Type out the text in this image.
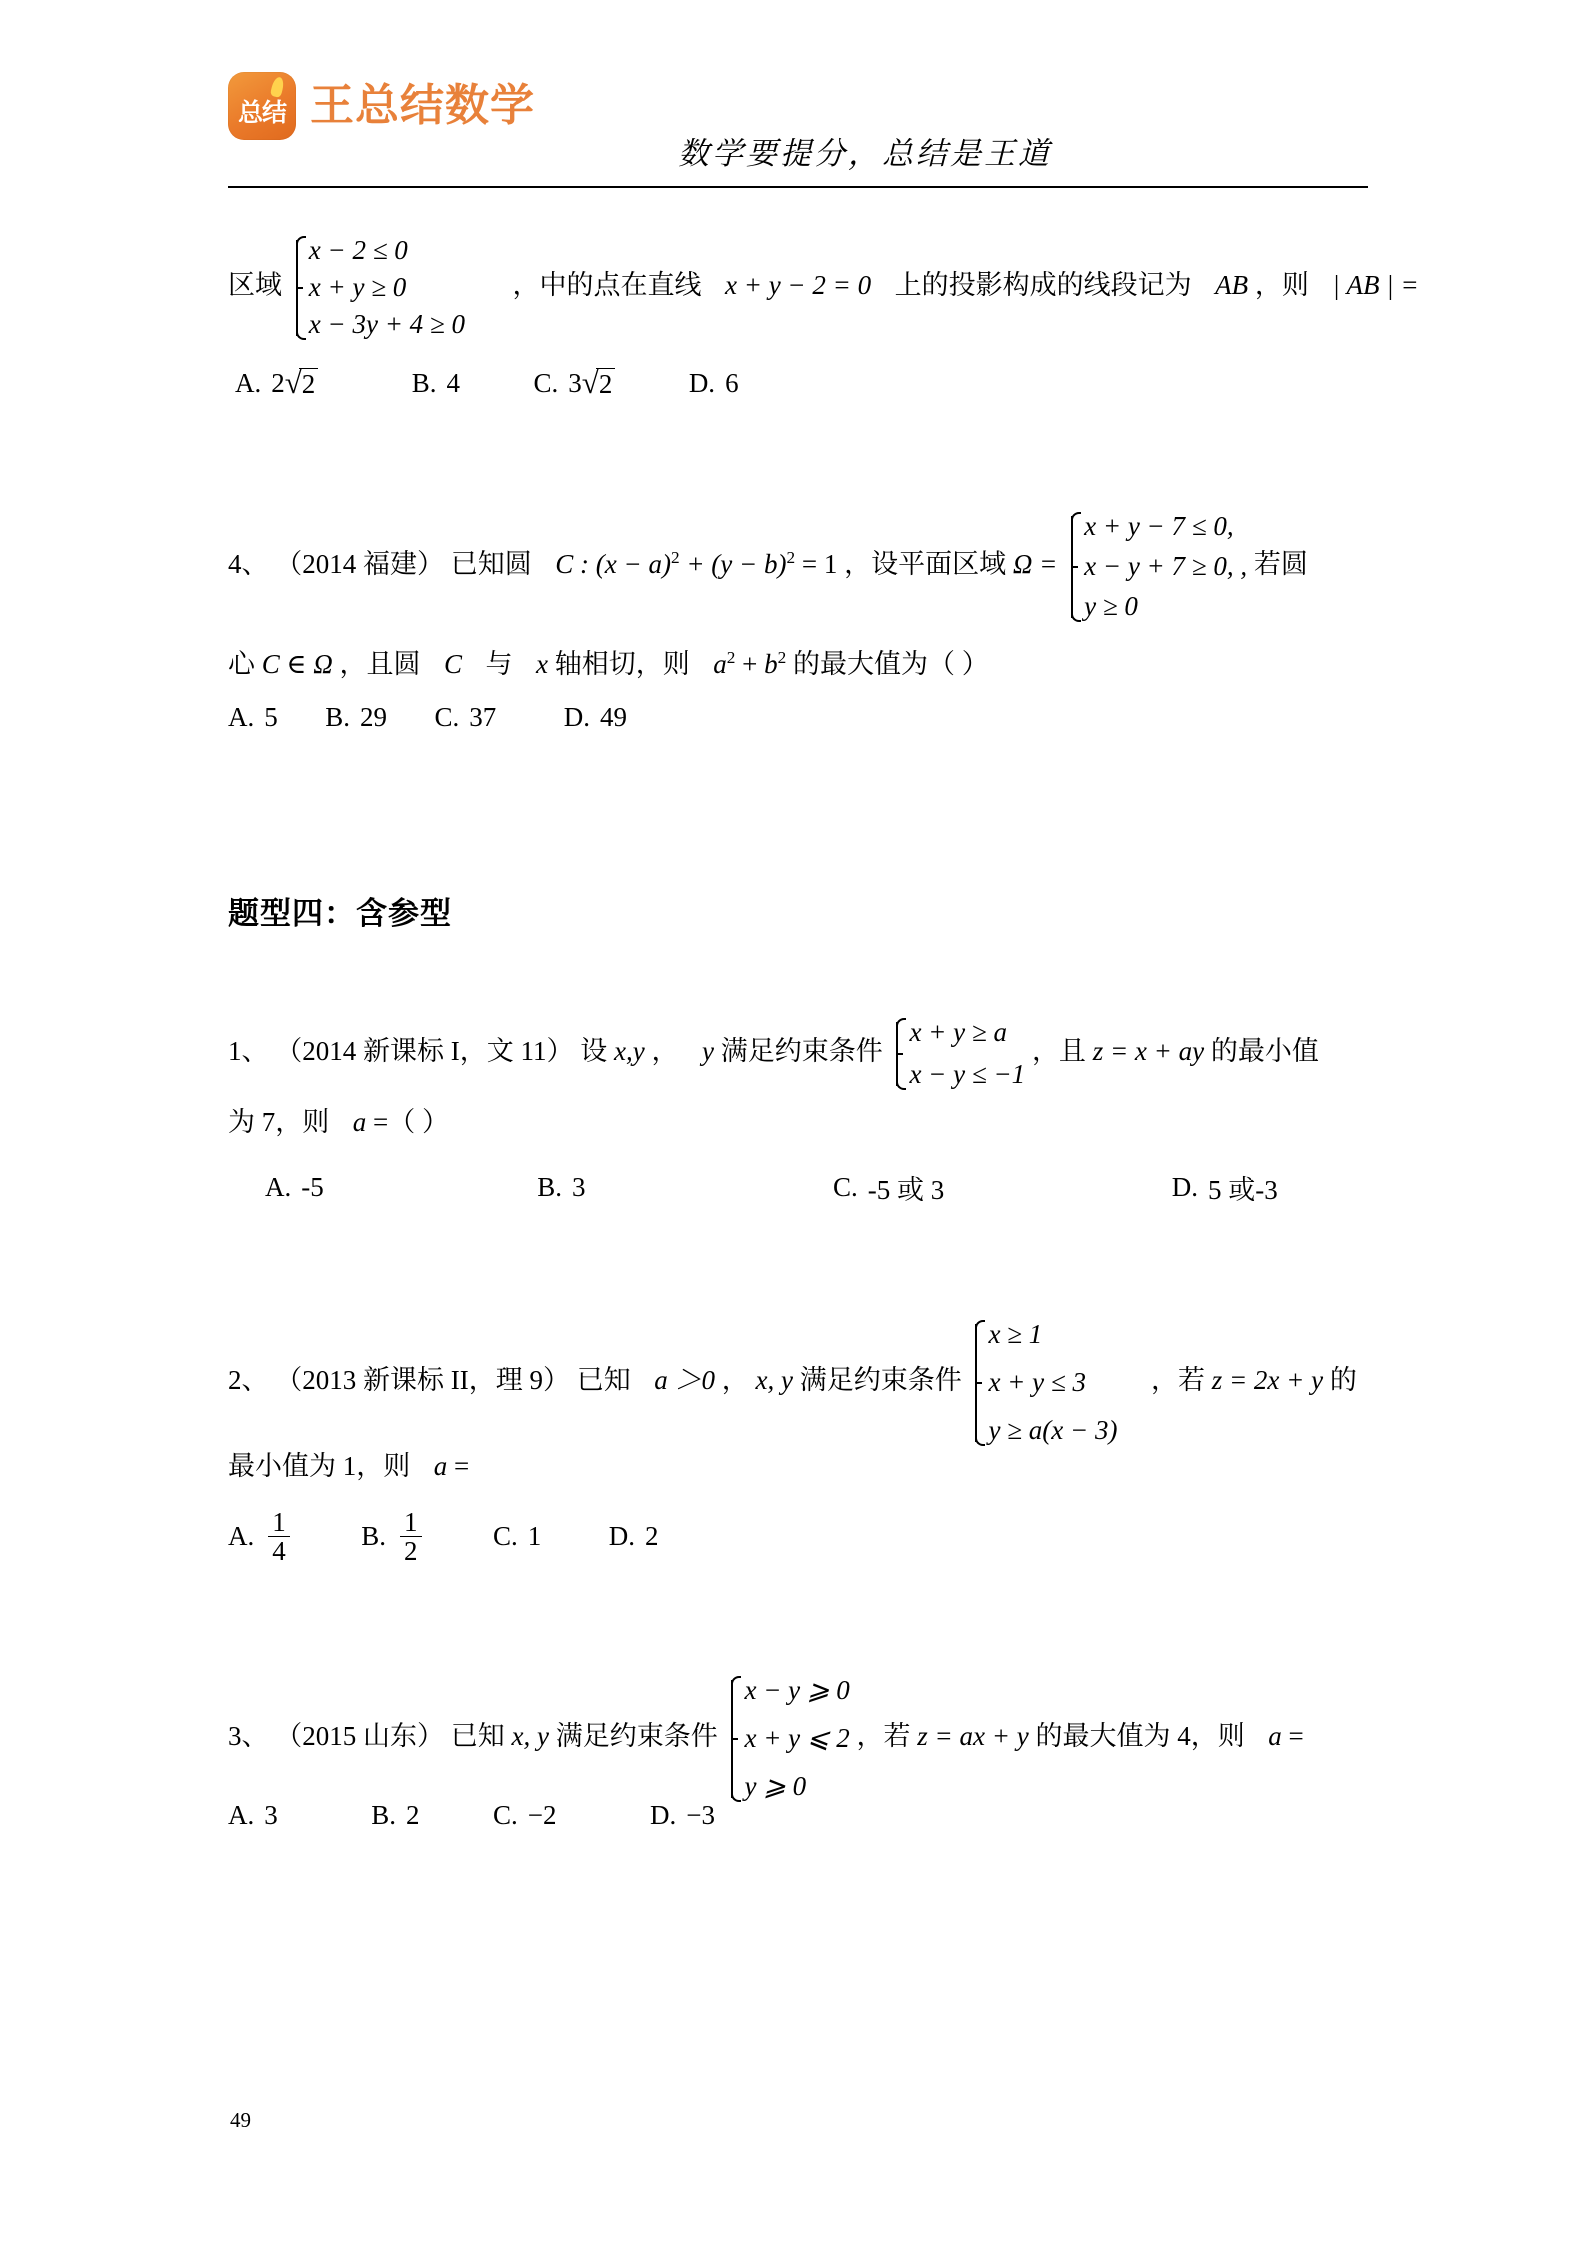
总结 王总结数学
数学要提分，总结是王道
区域
x − 2 ≤ 0
x + y ≥ 0
x − 3y + 4 ≥ 0
，中的点在直线 x + y − 2 = 0 上的投影构成的线段记为 AB ，则 | AB | =
A. 2 √ 2
	B. 4
	C. 3 √ 2
	D. 6
4、 （2014 福建） 已知圆 C : $(x - a)^2 + (y - b)^2 = 1$ ，设平面区域 Ω =
x + y − 7 ≤ 0,
x − y + 7 ≥ 0, ,
y ≥ 0
若圆
心 C ∈ Ω ，且圆 C 与 x 轴相切，则 $a^2 + b^2$ 的最大值为（ ）
A. 5
B. 29
C. 37
	D. 49
题型四：含参型
1、 （2014 新课标 I，文 11） 设 x,y ， y 满足约束条件
x + y ≥ a
x − y ≤ −1
，且 z = x + ay 的最小值
为 7，则 a =（ ）
A. -5
	B. 3
	C. -5 或 3
	D. 5 或-3
2、 （2013 新课标 II，理 9） 已知 a ＞0 ， x, y 满足约束条件
x ≥ 1
x + y ≤ 3
y ≥ a(x − 3)
，若 z = 2x + y 的
最小值为 1，则 a =
A. $\frac{1}{4}$
	B. $\frac{1}{2}$
	C. 1
	D. 2
3、 （2015 山东） 已知 x, y 满足约束条件
x − y ⩾ 0
x + y ⩽ 2
y ⩾ 0
，若 z = ax + y 的最大值为 4，则 a =
A. 3
	B. 2
	C. −2
	D. −3
49
